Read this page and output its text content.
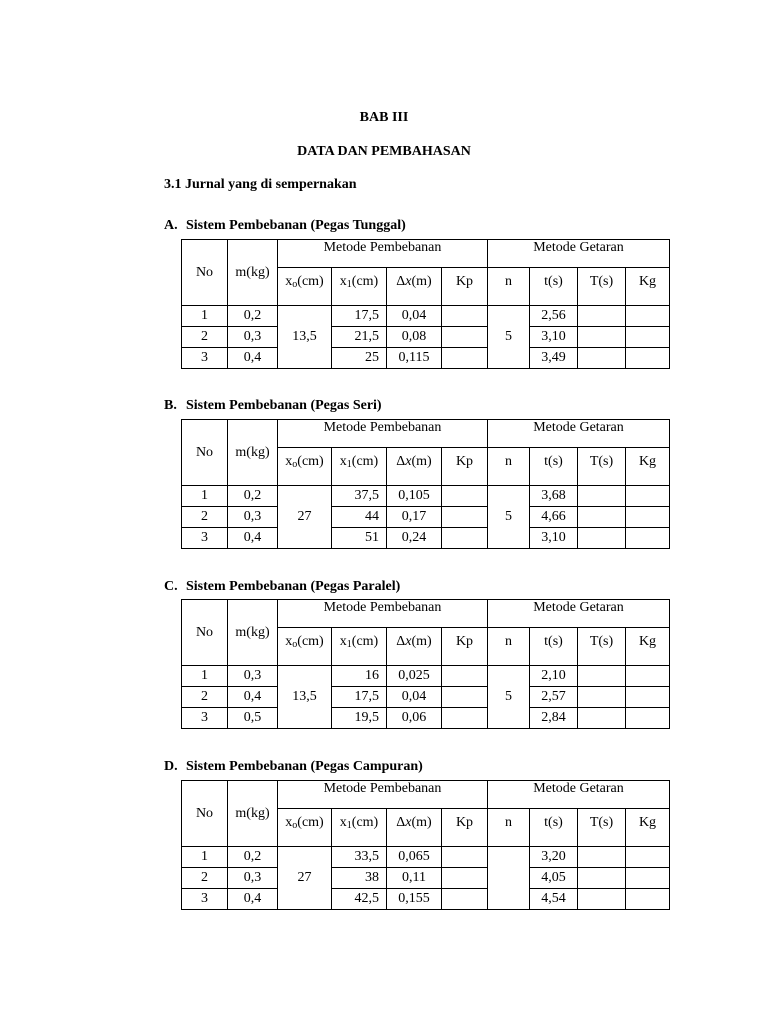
BAB III
DATA DAN PEMBAHASAN
3.1 Jurnal yang di sempernakan
A. Sistem Pembebanan (Pegas Tunggal)
No	m(kg)	Metode Pembebanan				Metode Getaran			
		$x_o(cm)$	$x_1(cm)$	Δx(m)	Kp	n	t(s)	T(s)	Kg
1	0,2	13,5	17,5	0,04		5	2,56		
2	0,3		21,5	0,08			3,10		
3	0,4		25	0,115			3,49		
B. Sistem Pembebanan (Pegas Seri)
No	m(kg)	Metode Pembebanan				Metode Getaran			
		$x_o(cm)$	$x_1(cm)$	Δx(m)	Kp	n	t(s)	T(s)	Kg
1	0,2	27	37,5	0,105		5	3,68		
2	0,3		44	0,17			4,66		
3	0,4		51	0,24			3,10		
C. Sistem Pembebanan (Pegas Paralel)
No	m(kg)	Metode Pembebanan				Metode Getaran			
		$x_o(cm)$	$x_1(cm)$	Δx(m)	Kp	n	t(s)	T(s)	Kg
1	0,3	13,5	16	0,025		5	2,10		
2	0,4		17,5	0,04			2,57		
3	0,5		19,5	0,06			2,84		
D. Sistem Pembebanan (Pegas Campuran)
No	m(kg)	Metode Pembebanan				Metode Getaran			
		$x_o(cm)$	$x_1(cm)$	Δx(m)	Kp	n	t(s)	T(s)	Kg
1	0,2	27	33,5	0,065			3,20		
2	0,3		38	0,11			4,05		
3	0,4		42,5	0,155			4,54		
